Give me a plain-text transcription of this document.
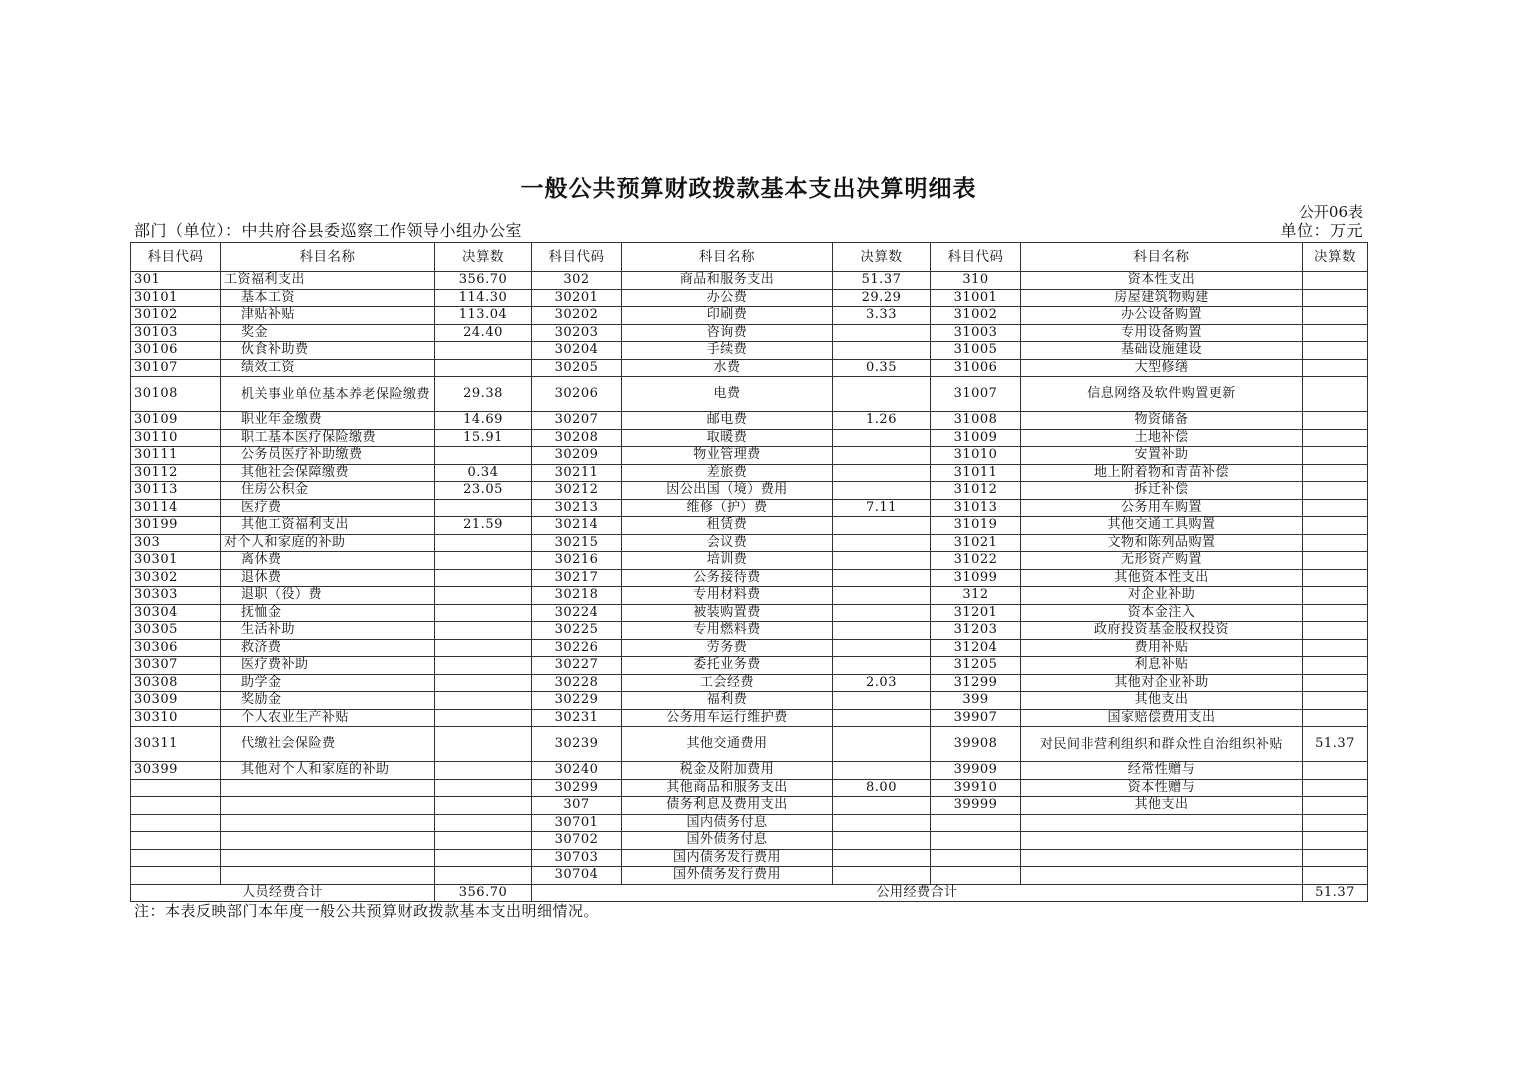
一般公共预算财政拨款基本支出决算明细表
公开06表
部门（单位）：中共府谷县委巡察工作领导小组办公室	单位：万元
科目代码	科目名称	决算数	科目代码	科目名称	决算数	科目代码	科目名称	决算数
301	工资福利支出	356.70	302	商品和服务支出	51.37	310	资本性支出	
30101	基本工资	114.30	30201	办公费	29.29	31001	房屋建筑物购建	
30102	津贴补贴	113.04	30202	印刷费	3.33	31002	办公设备购置	
30103	奖金	24.40	30203	咨询费		31003	专用设备购置	
30106	伙食补助费		30204	手续费		31005	基础设施建设	
30107	绩效工资		30205	水费	0.35	31006	大型修缮	
30108	机关事业单位基本养老保险缴费	29.38	30206	电费		31007	信息网络及软件购置更新	
30109	职业年金缴费	14.69	30207	邮电费	1.26	31008	物资储备	
30110	职工基本医疗保险缴费	15.91	30208	取暖费		31009	土地补偿	
30111	公务员医疗补助缴费		30209	物业管理费		31010	安置补助	
30112	其他社会保障缴费	0.34	30211	差旅费		31011	地上附着物和青苗补偿	
30113	住房公积金	23.05	30212	因公出国（境）费用		31012	拆迁补偿	
30114	医疗费		30213	维修（护）费	7.11	31013	公务用车购置	
30199	其他工资福利支出	21.59	30214	租赁费		31019	其他交通工具购置	
303	对个人和家庭的补助		30215	会议费		31021	文物和陈列品购置	
30301	离休费		30216	培训费		31022	无形资产购置	
30302	退休费		30217	公务接待费		31099	其他资本性支出	
30303	退职（役）费		30218	专用材料费		312	对企业补助	
30304	抚恤金		30224	被装购置费		31201	资本金注入	
30305	生活补助		30225	专用燃料费		31203	政府投资基金股权投资	
30306	救济费		30226	劳务费		31204	费用补贴	
30307	医疗费补助		30227	委托业务费		31205	利息补贴	
30308	助学金		30228	工会经费	2.03	31299	其他对企业补助	
30309	奖励金		30229	福利费		399	其他支出	
30310	个人农业生产补贴		30231	公务用车运行维护费		39907	国家赔偿费用支出	
30311	代缴社会保险费		30239	其他交通费用		39908	对民间非营利组织和群众性自治组织补贴	51.37
30399	其他对个人和家庭的补助		30240	税金及附加费用		39909	经常性赠与	
			30299	其他商品和服务支出	8.00	39910	资本性赠与	
			307	债务利息及费用支出		39999	其他支出	
			30701	国内债务付息				
			30702	国外债务付息				
			30703	国内债务发行费用				
			30704	国外债务发行费用				
人员经费合计		356.70	公用经费合计					51.37
注：本表反映部门本年度一般公共预算财政拨款基本支出明细情况。
